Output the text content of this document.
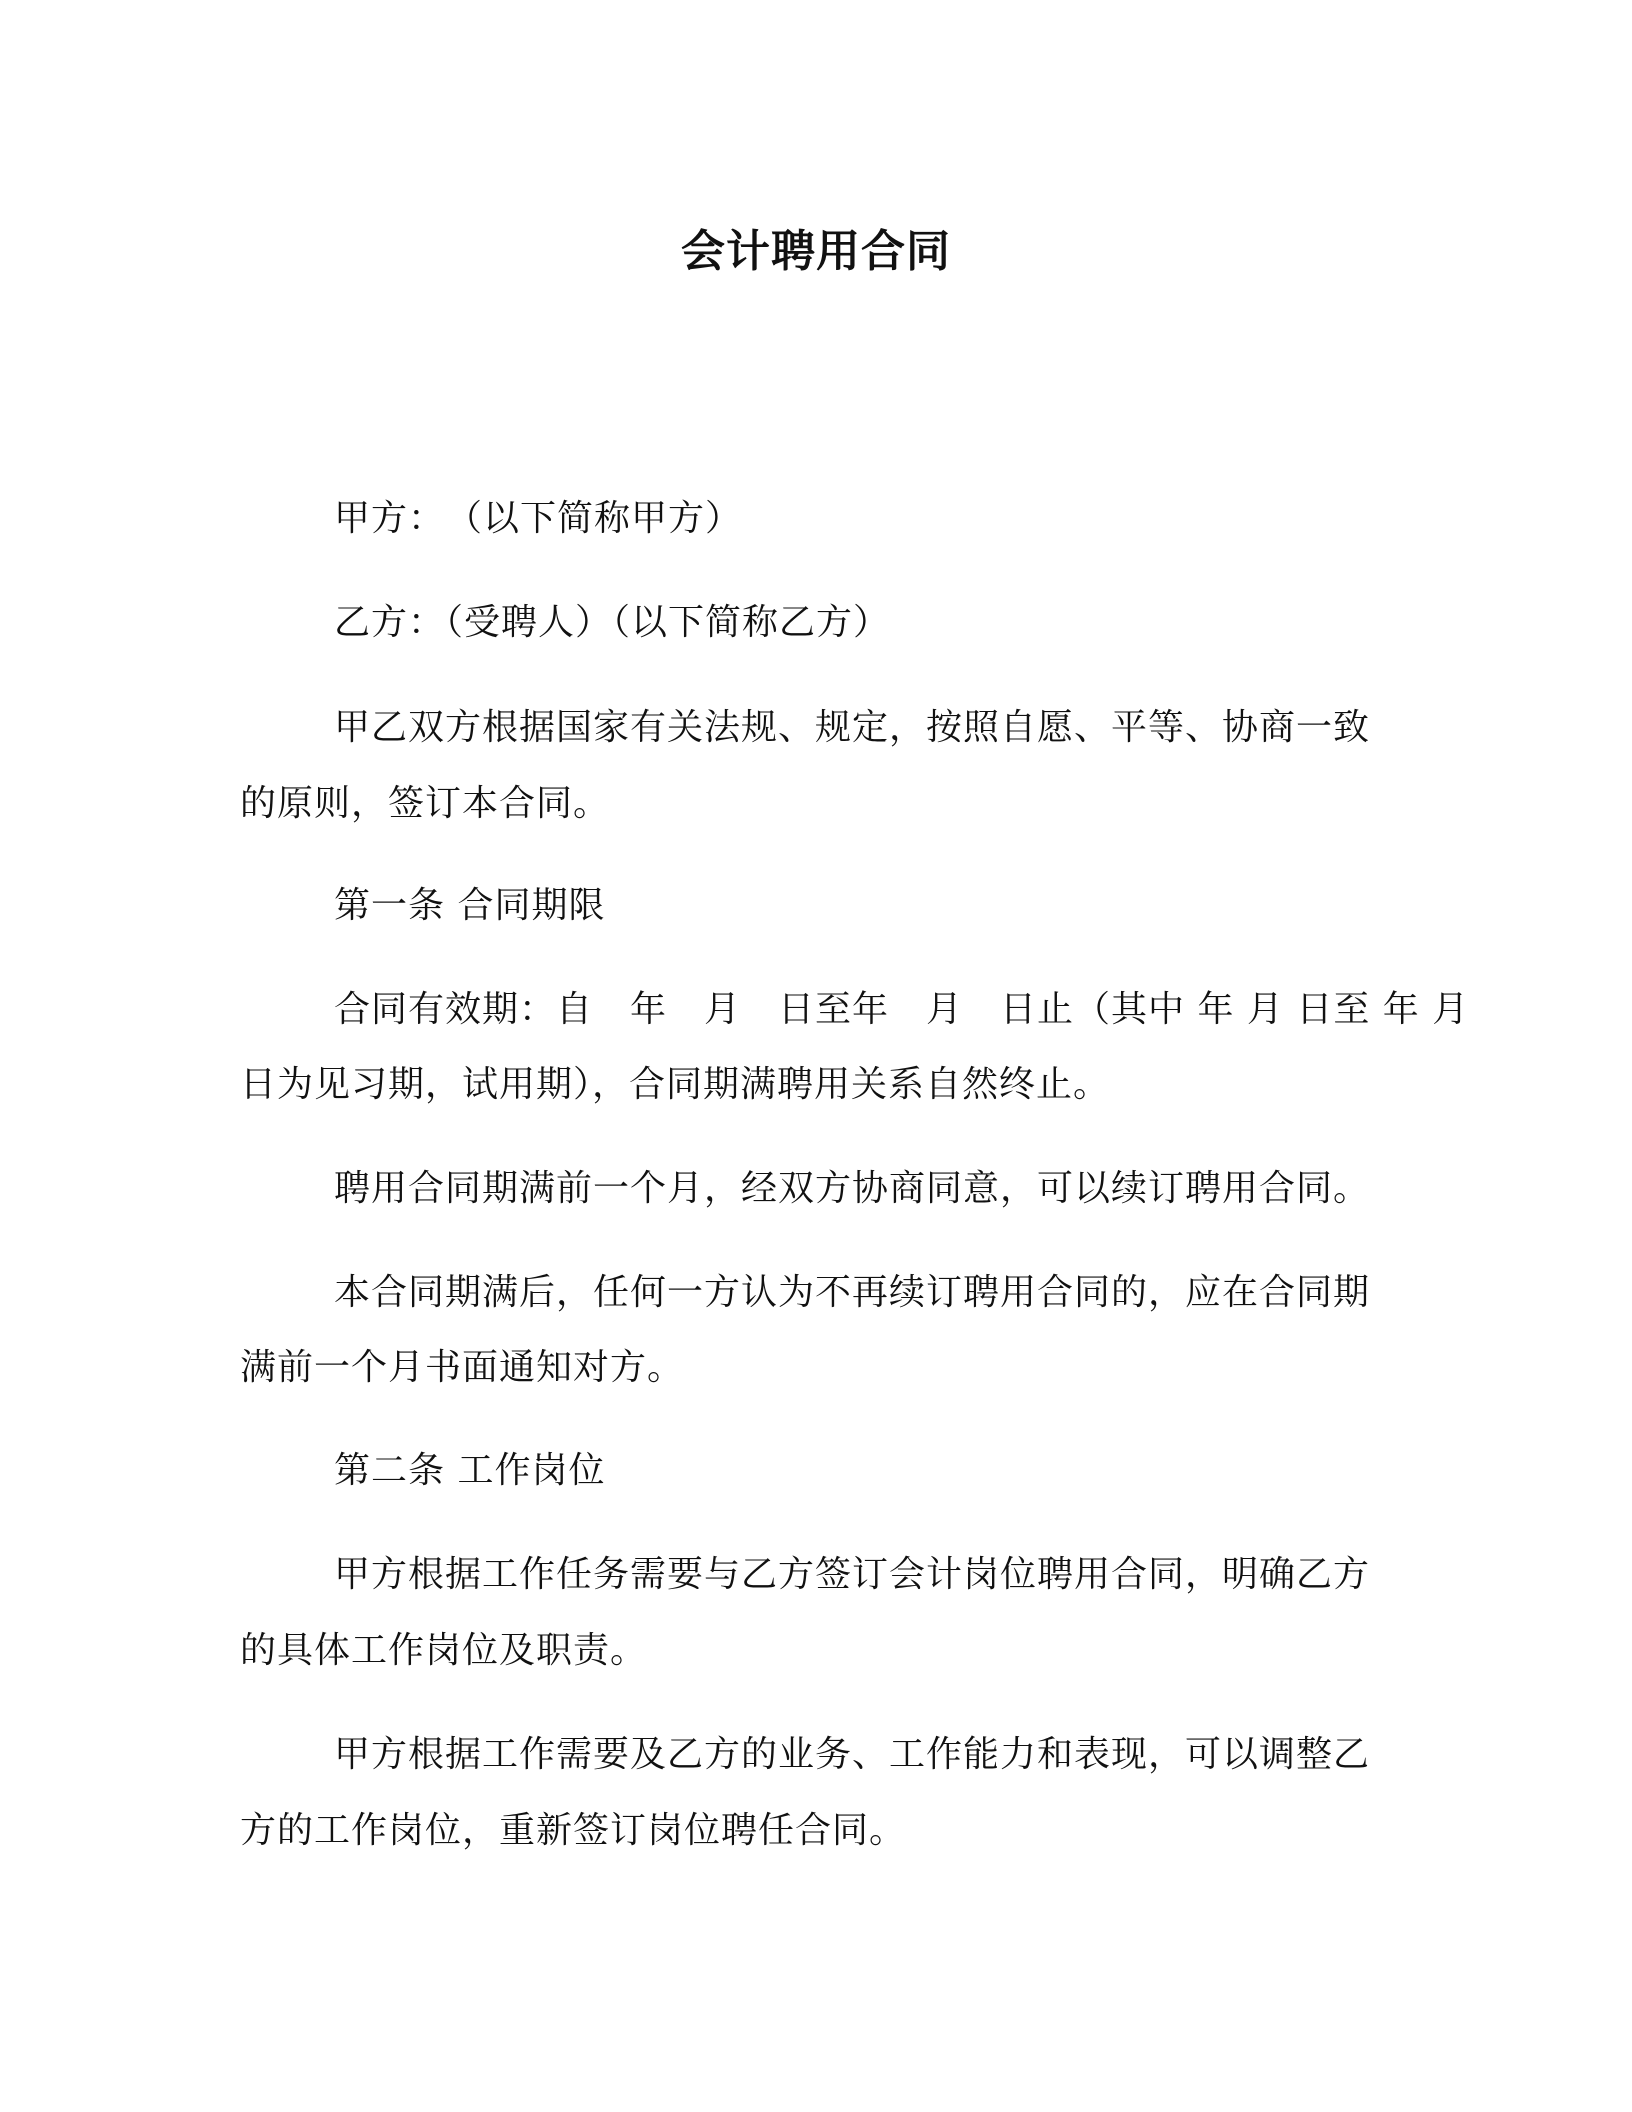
会计聘用合同
甲方：　（以下简称甲方）
乙方：（受聘人）（以下简称乙方）
甲乙双方根据国家有关法规、规定，按照自愿、平等、协商一致
的原则，签订本合同。
第一条 合同期限
合同有效期：自　年　月　日至年　月　日止（其中 年 月 日至 年 月
日为见习期，试用期），合同期满聘用关系自然终止。
聘用合同期满前一个月，经双方协商同意，可以续订聘用合同。
本合同期满后，任何一方认为不再续订聘用合同的，应在合同期
满前一个月书面通知对方。
第二条 工作岗位
甲方根据工作任务需要与乙方签订会计岗位聘用合同，明确乙方
的具体工作岗位及职责。
甲方根据工作需要及乙方的业务、工作能力和表现，可以调整乙
方的工作岗位，重新签订岗位聘任合同。
